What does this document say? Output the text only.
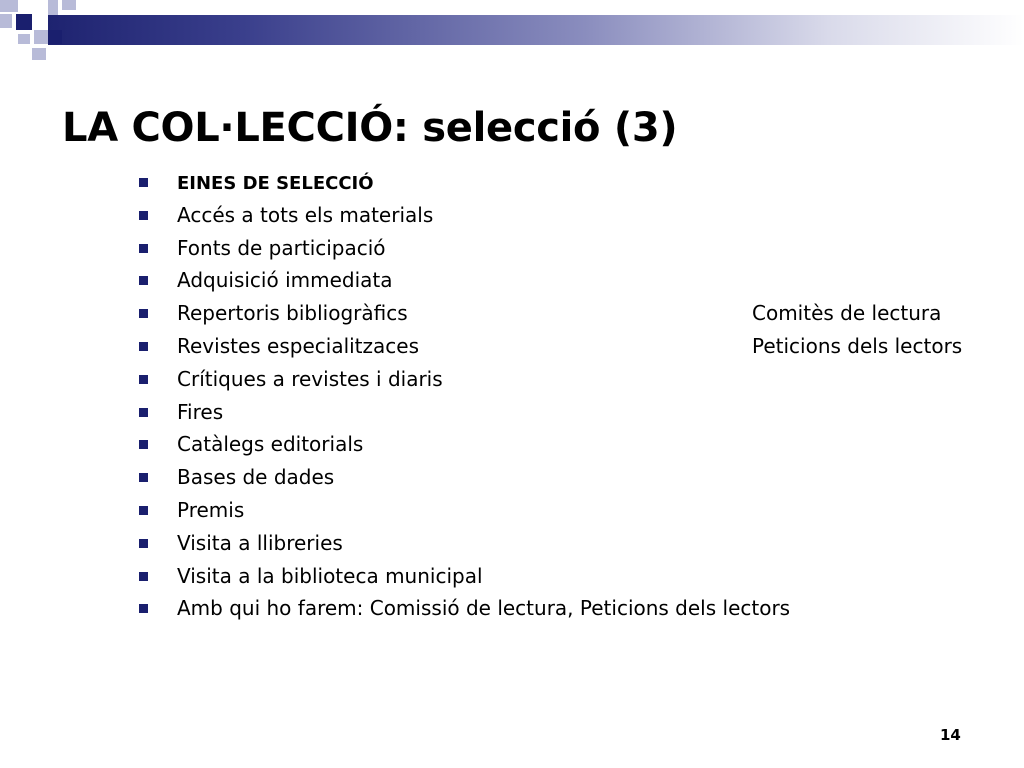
LA COL·LECCIÓ: selecció (3)
EINES DE SELECCIÓ
Accés a tots els materials
Fonts de participació
Adquisició immediata
Repertoris bibliogràfics
Revistes especialitzaces
Crítiques a revistes i diaris
Fires
Catàlegs editorials
Bases de dades
Premis
Visita a llibreries
Visita a la biblioteca municipal
Amb qui ho farem: Comissió de lectura, Peticions dels lectors

Comitès de lectura

Peticions dels lectors

14
